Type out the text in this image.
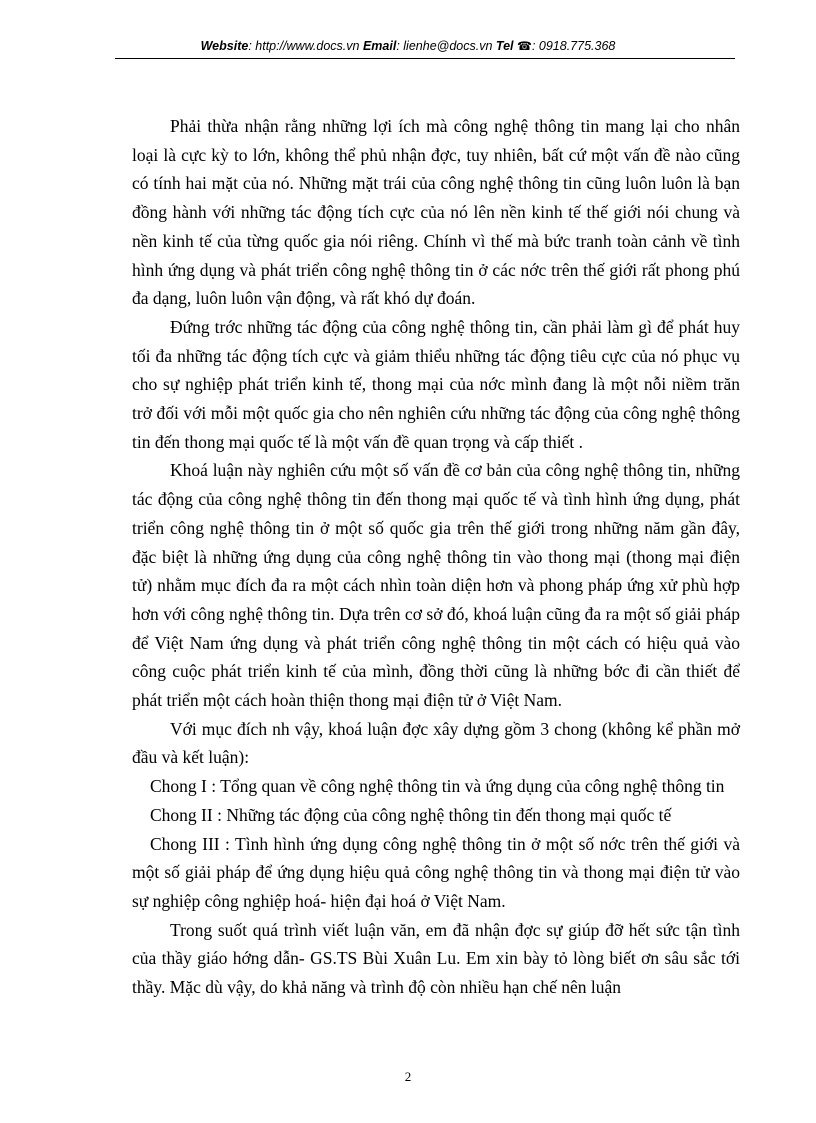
Website: http://www.docs.vn Email: lienhe@docs.vn Tel ☎: 0918.775.368

Phải thừa nhận rằng những lợi ích mà công nghệ thông tin mang lại cho nhân loại là cực kỳ to lớn, không thể phủ nhận đợc, tuy nhiên, bất cứ một vấn đề nào cũng có tính hai mặt của nó. Những mặt trái của công nghệ thông tin cũng luôn luôn là bạn đồng hành với những tác động tích cực của nó lên nền kinh tế thế giới nói chung và nền kinh tế của từng quốc gia nói riêng. Chính vì thế mà bức tranh toàn cảnh về tình hình ứng dụng và phát triển công nghệ thông tin ở các nớc trên thế giới rất phong phú đa dạng, luôn luôn vận động, và rất khó dự đoán.

Đứng trớc những tác động của công nghệ thông tin, cần phải làm gì để phát huy tối đa những tác động tích cực và giảm thiểu những tác động tiêu cực của nó phục vụ cho sự nghiệp phát triển kinh tế, thong mại của nớc mình đang là một nỗi niềm trăn trở đối với mỗi một quốc gia cho nên nghiên cứu những tác động của công nghệ thông tin đến thong mại quốc tế là một vấn đề quan trọng và cấp thiết .

Khoá luận này nghiên cứu một số vấn đề cơ bản của công nghệ thông tin, những tác động của công nghệ thông tin đến thong mại quốc tế và tình hình ứng dụng, phát triển công nghệ thông tin ở một số quốc gia trên thế giới trong những năm gần đây, đặc biệt là những ứng dụng của công nghệ thông tin vào thong mại (thong mại điện tử) nhằm mục đích đa ra một cách nhìn toàn diện hơn và phong pháp ứng xử phù hợp hơn với công nghệ thông tin. Dựa trên cơ sở đó, khoá luận cũng đa ra một số giải pháp để Việt Nam ứng dụng và phát triển công nghệ thông tin một cách có hiệu quả vào công cuộc phát triển kinh tế của mình, đồng thời cũng là những bớc đi cần thiết để phát triển một cách hoàn thiện thong mại điện tử ở Việt Nam.

Với mục đích nh vậy, khoá luận đợc xây dựng gồm 3 chong (không kể phần mở đầu và kết luận):

Chong I : Tổng quan về công nghệ thông tin và ứng dụng của công nghệ thông tin

Chong II : Những tác động của công nghệ thông tin đến thong mại quốc tế

Chong III : Tình hình ứng dụng công nghệ thông tin ở một số nớc trên thế giới và một số giải pháp để ứng dụng hiệu quả công nghệ thông tin và thong mại điện tử vào sự nghiệp công nghiệp hoá- hiện đại hoá ở Việt Nam.

Trong suốt quá trình viết luận văn, em đã nhận đợc sự giúp đỡ hết sức tận tình của thầy giáo hớng dẫn- GS.TS Bùi Xuân Lu. Em xin bày tỏ lòng biết ơn sâu sắc tới thầy. Mặc dù vậy, do khả năng và trình độ còn nhiều hạn chế nên luận

2
